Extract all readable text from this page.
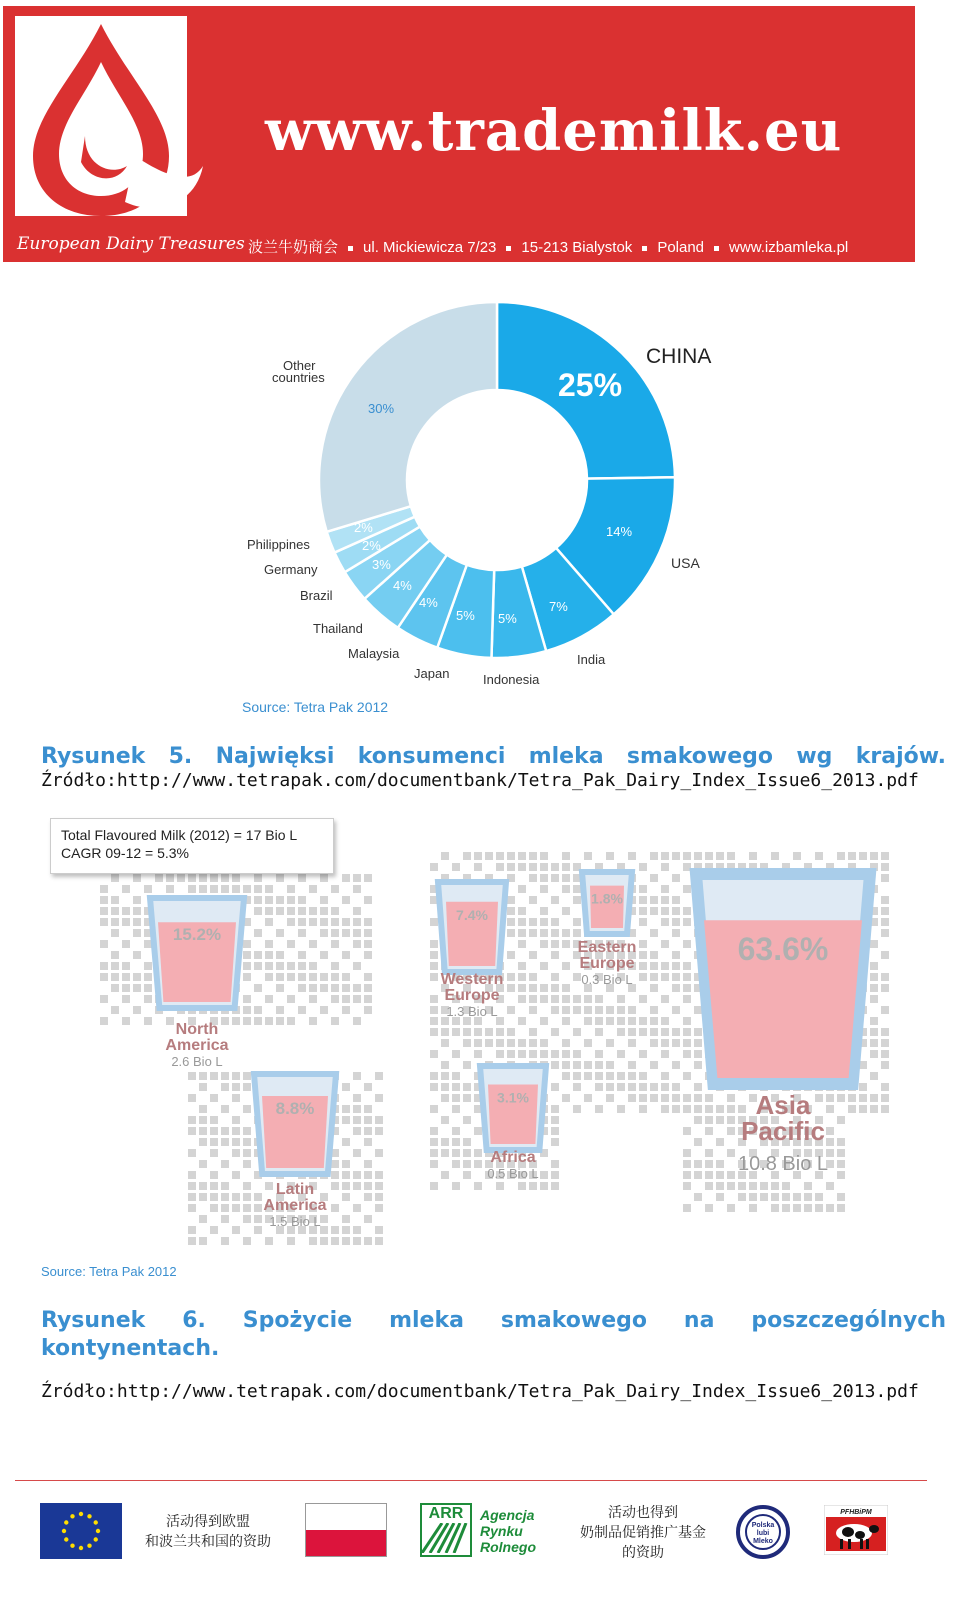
www.trademilk.eu
European Dairy Treasures 波兰牛奶商会 ul. Mickiewicza 7/23 15-213 Bialystok Poland www.izbamleka.pl
CHINA
25%
USA
14%
India
7%
Indonesia
5%
Japan
5%
Malaysia
4%
Thailand
4%
Brazil
3%
Germany
2%
Philippines
2%
Other
countries
30%
Source: Tetra Pak 2012
Rysunek 5. Najwięksi konsumenci mleka smakowego wg krajów.
Źródło:http://www.tetrapak.com/documentbank/Tetra_Pak_Dairy_Index_Issue6_2013.pdf
15.2%
North
America
2.6 Bio L
8.8%
Latin
America
1.5 Bio L
7.4%
Western
Europe
1.3 Bio L
1.8%
Eastern
Europe
0.3 Bio L
3.1%
Africa
0.5 Bio L
63.6%
Asia
Pacific
10.8 Bio L
Total Flavoured Milk (2012) = 17 Bio L
CAGR 09-12 = 5.3%
Source: Tetra Pak 2012
Rysunek 6. Spożycie mleka smakowego na poszczególnych
kontynentach.
Źródło:http://www.tetrapak.com/documentbank/Tetra_Pak_Dairy_Index_Issue6_2013.pdf
活动得到欧盟
和波兰共和国的资助
ARR	Agencja
Rynku
Rolnego
活动也得到
奶制品促销推广基金
的资助
Polska
lubi
Mleko
PFHBiPM
